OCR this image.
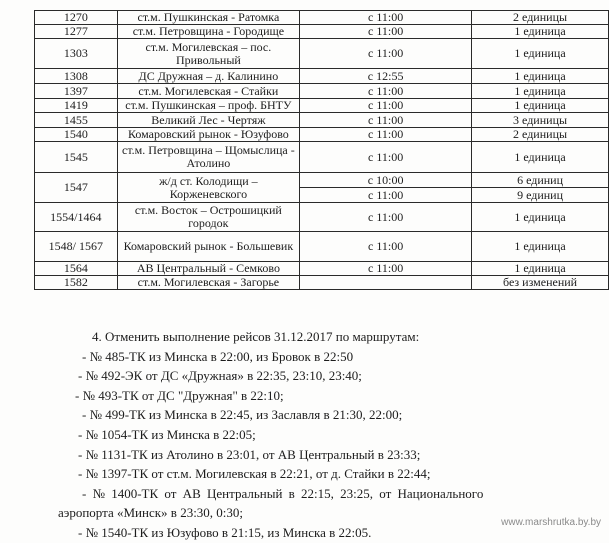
1270	ст.м. Пушкинская - Ратомка	с 11:00	2 единицы
1277	ст.м. Петровщина - Городище	с 11:00	1 единица
1303	ст.м. Могилевская – пос. Привольный	с 11:00	1 единица
1308	ДС Дружная – д. Калинино	с 12:55	1 единица
1397	ст.м. Могилевская - Стайки	с 11:00	1 единица
1419	ст.м. Пушкинская – проф. БНТУ	с 11:00	1 единица
1455	Великий Лес - Чертяж	с 11:00	3 единицы
1540	Комаровский рынок - Юзуфово	с 11:00	2 единицы
1545	ст.м. Петровщина – Щомыслица - Атолино	с 11:00	1 единица
1547	ж/д ст. Колодищи – Корженевского	с 10:00	6 единиц
		с 11:00	9 единиц
1554/1464	ст.м. Восток – Острошицкий городок	с 11:00	1 единица
1548/ 1567	Комаровский рынок - Большевик	с 11:00	1 единица
1564	АВ Центральный - Семково	с 11:00	1 единица
1582	ст.м. Могилевская - Загорье		без изменений
4. Отменить выполнение рейсов 31.12.2017 по маршрутам:
- № 485-ТК из Минска в 22:00, из Бровок в 22:50
- № 492-ЭК от ДС «Дружная» в 22:35, 23:10, 23:40;
- № 493-ТК от ДС "Дружная" в 22:10;
- № 499-ТК из Минска в 22:45, из Заславля в 21:30, 22:00;
- № 1054-ТК из Минска в 22:05;
- № 1131-ТК из Атолино в 23:01, от АВ Центральный в 23:33;
- № 1397-ТК от ст.м. Могилевская в 22:21, от д. Стайки в 22:44;
- № 1400-ТК от АВ Центральный в 22:15, 23:25, от Национального
аэропорта «Минск» в 23:30, 0:30;
- № 1540-ТК из Юзуфово в 21:15, из Минска в 22:05.
www.marshrutka.by.by
